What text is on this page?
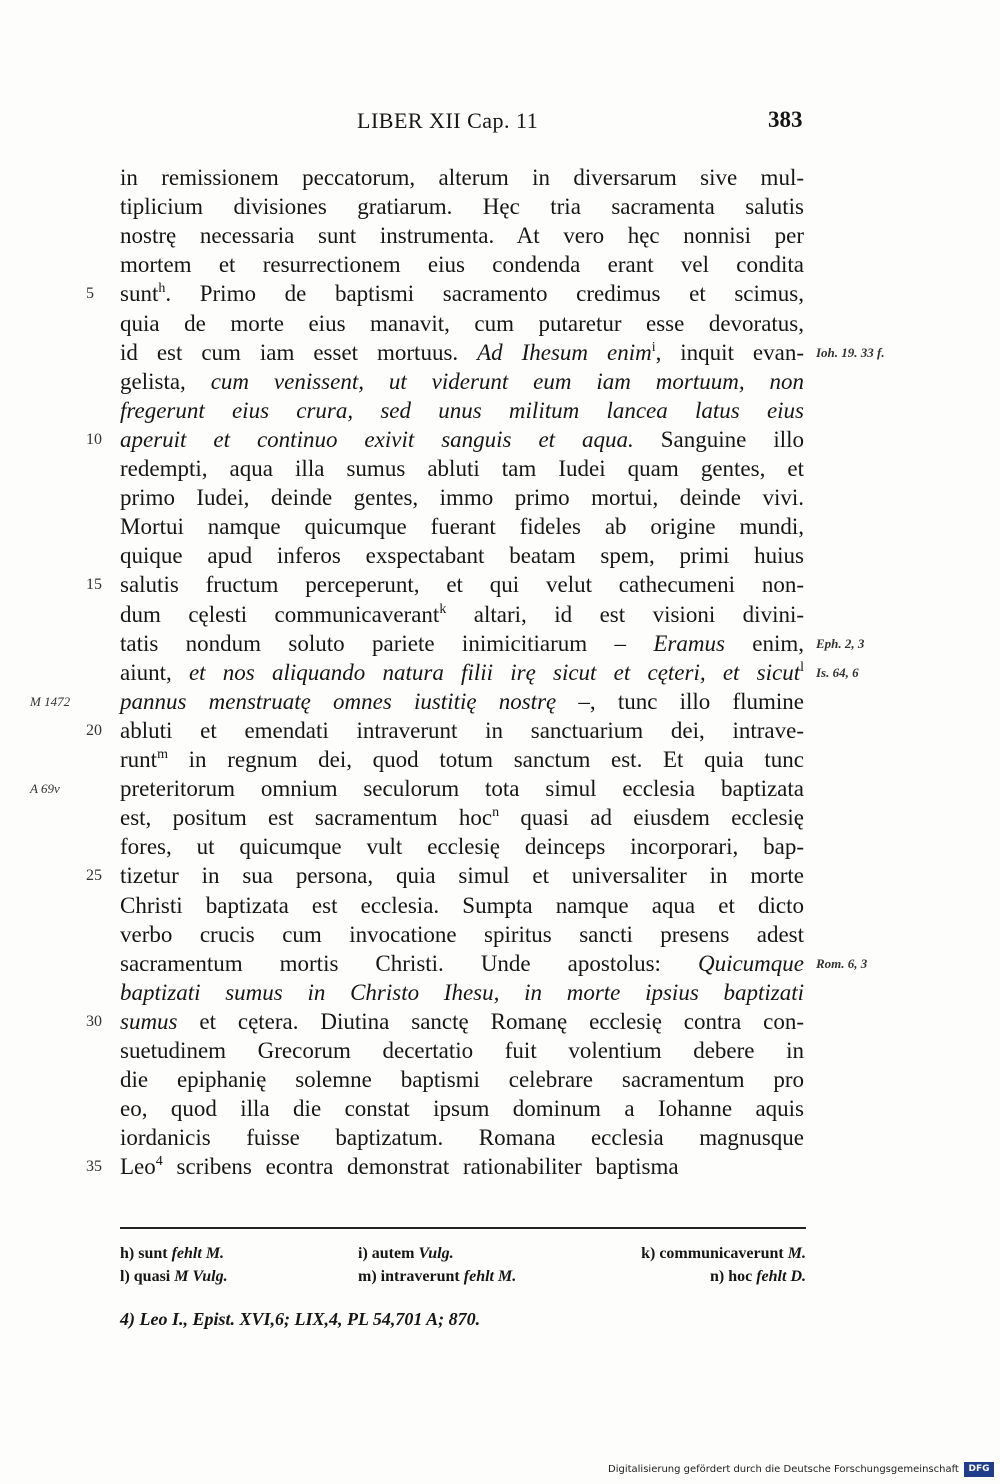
LIBER XII Cap. 11	383
in remissionem peccatorum, alterum in diversarum sive mul-
tiplicium divisiones gratiarum. Hęc tria sacramenta salutis
nostrę necessaria sunt instrumenta. At vero hęc nonnisi per
mortem et resurrectionem eius condenda erant vel condita
sunt$^h$. Primo de baptismi sacramento credimus et scimus,
5
quia de morte eius manavit, cum putaretur esse devoratus,
id est cum iam esset mortuus. Ad Ihesum enim$^i$, inquit evan- Ioh. 19. 33 f.
gelista, cum venissent, ut viderunt eum iam mortuum, non
fregerunt eius crura, sed unus militum lancea latus eius
aperuit et continuo exivit sanguis et aqua. Sanguine illo
10
redempti, aqua illa sumus abluti tam Iudei quam gentes, et
primo Iudei, deinde gentes, immo primo mortui, deinde vivi.
Mortui namque quicumque fuerant fideles ab origine mundi,
quique apud inferos exspectabant beatam spem, primi huius
salutis fructum perceperunt, et qui velut cathecumeni non-
15
dum cęlesti communicaverant$^k$ altari, id est visioni divini-
tatis nondum soluto pariete inimicitiarum – Eramus enim, Eph. 2, 3
aiunt, et nos aliquando natura filii irę sicut et cęteri, et sicut$^l$ Is. 64, 6
pannus menstruatę omnes iustitię nostrę –, tunc illo flumine
M 1472
abluti et emendati intraverunt in sanctuarium dei, intrave-
20
runt$^m$ in regnum dei, quod totum sanctum est. Et quia tunc
preteritorum omnium seculorum tota simul ecclesia baptizata
A 69v
est, positum est sacramentum hoc$^n$ quasi ad eiusdem ecclesię
fores, ut quicumque vult ecclesię deinceps incorporari, bap-
tizetur in sua persona, quia simul et universaliter in morte
25
Christi baptizata est ecclesia. Sumpta namque aqua et dicto
verbo crucis cum invocatione spiritus sancti presens adest
sacramentum mortis Christi. Unde apostolus: Quicumque Rom. 6, 3
baptizati sumus in Christo Ihesu, in morte ipsius baptizati
sumus et cętera. Diutina sanctę Romanę ecclesię contra con-
30
suetudinem Grecorum decertatio fuit volentium debere in
die epiphanię solemne baptismi celebrare sacramentum pro
eo, quod illa die constat ipsum dominum a Iohanne aquis
iordanicis fuisse baptizatum. Romana ecclesia magnusque
Leo$^4$ scribens econtra demonstrat rationabiliter baptisma
35
h) sunt fehlt M.	i) autem Vulg.	k) communicaverunt M.
l) quasi M Vulg.	m) intraverunt fehlt M.	n) hoc fehlt D.
4) Leo I., Epist. XVI,6; LIX,4, PL 54,701 A; 870.
Digitalisierung gefördert durch die Deutsche Forschungsgemeinschaft	DFG
